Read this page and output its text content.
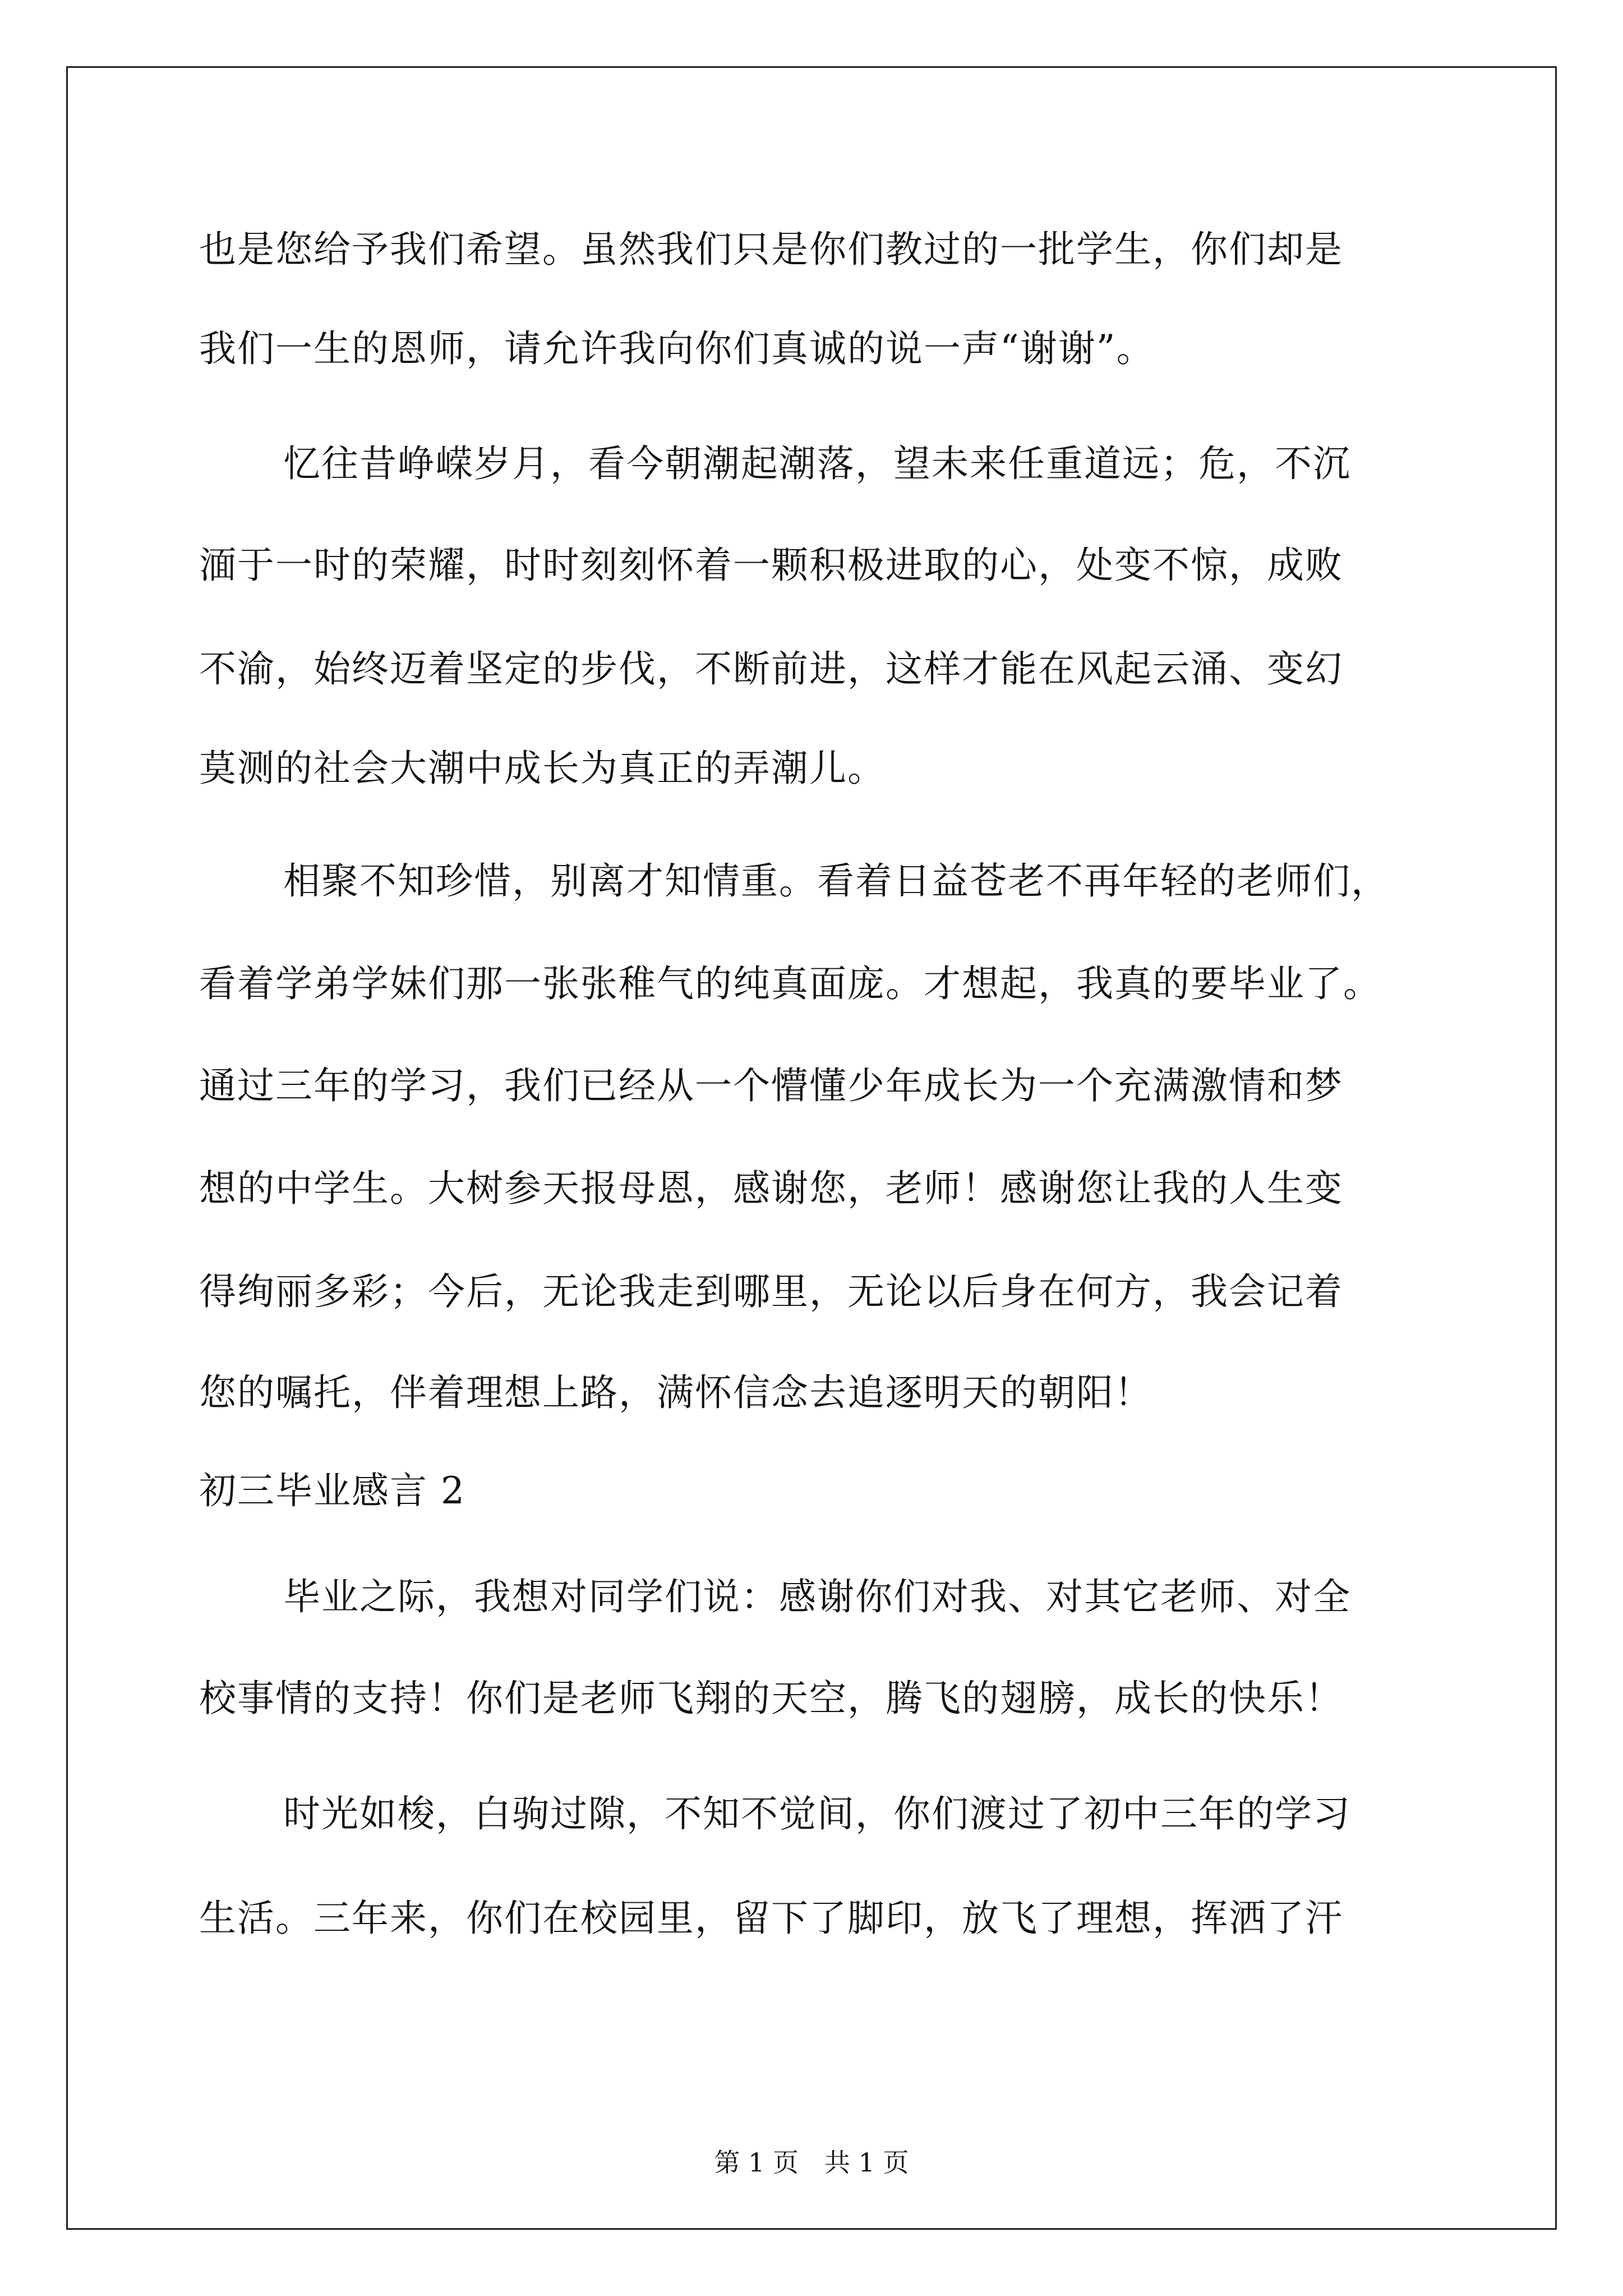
也是您给予我们希望。虽然我们只是你们教过的一批学生，你们却是
我们一生的恩师，请允许我向你们真诚的说一声“谢谢”。
忆往昔峥嵘岁月，看今朝潮起潮落，望未来任重道远；危，不沉
湎于一时的荣耀，时时刻刻怀着一颗积极进取的心，处变不惊，成败
不渝，始终迈着坚定的步伐，不断前进，这样才能在风起云涌、变幻
莫测的社会大潮中成长为真正的弄潮儿。
相聚不知珍惜，别离才知情重。看着日益苍老不再年轻的老师们，
看着学弟学妹们那一张张稚气的纯真面庞。才想起，我真的要毕业了。
通过三年的学习，我们已经从一个懵懂少年成长为一个充满激情和梦
想的中学生。大树参天报母恩，感谢您，老师！感谢您让我的人生变
得绚丽多彩；今后，无论我走到哪里，无论以后身在何方，我会记着
您的嘱托，伴着理想上路，满怀信念去追逐明天的朝阳！
初三毕业感言 2
毕业之际，我想对同学们说：感谢你们对我、对其它老师、对全
校事情的支持！你们是老师飞翔的天空，腾飞的翅膀，成长的快乐！
时光如梭，白驹过隙，不知不觉间，你们渡过了初中三年的学习
生活。三年来，你们在校园里，留下了脚印，放飞了理想，挥洒了汗
第 1 页　共 1 页
